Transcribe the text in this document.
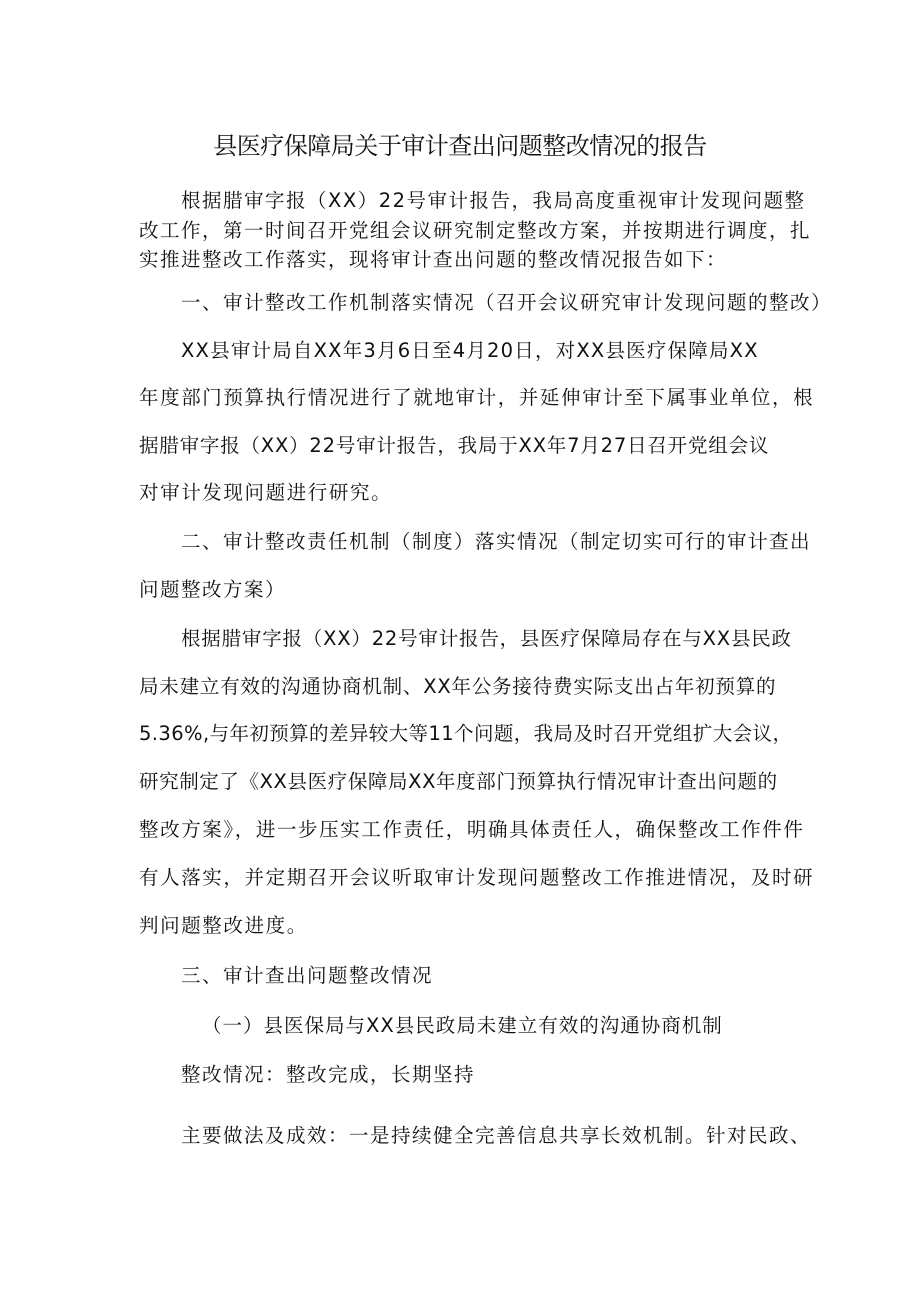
县医疗保障局关于审计查出问题整改情况的报告

根据腊审字报（XX）22号审计报告，我局高度重视审计发现问题整

改工作，第一时间召开党组会议研究制定整改方案，并按期进行调度，扎

实推进整改工作落实，现将审计查出问题的整改情况报告如下：

一、审计整改工作机制落实情况（召开会议研究审计发现问题的整改）

XX县审计局自XX年3月6日至4月20日，对XX县医疗保障局XX

年度部门预算执行情况进行了就地审计，并延伸审计至下属事业单位，根

据腊审字报（XX）22号审计报告，我局于XX年7月27日召开党组会议

对审计发现问题进行研究。

二、审计整改责任机制（制度）落实情况（制定切实可行的审计查出

问题整改方案）

根据腊审字报（XX）22号审计报告，县医疗保障局存在与XX县民政

局未建立有效的沟通协商机制、XX年公务接待费实际支出占年初预算的

5.36%,与年初预算的差异较大等11个问题，我局及时召开党组扩大会议，

研究制定了《XX县医疗保障局XX年度部门预算执行情况审计查出问题的

整改方案》，进一步压实工作责任，明确具体责任人，确保整改工作件件

有人落实，并定期召开会议听取审计发现问题整改工作推进情况，及时研

判问题整改进度。

三、审计查出问题整改情况

（一）县医保局与XX县民政局未建立有效的沟通协商机制

整改情况：整改完成，长期坚持

主要做法及成效：一是持续健全完善信息共享长效机制。针对民政、
